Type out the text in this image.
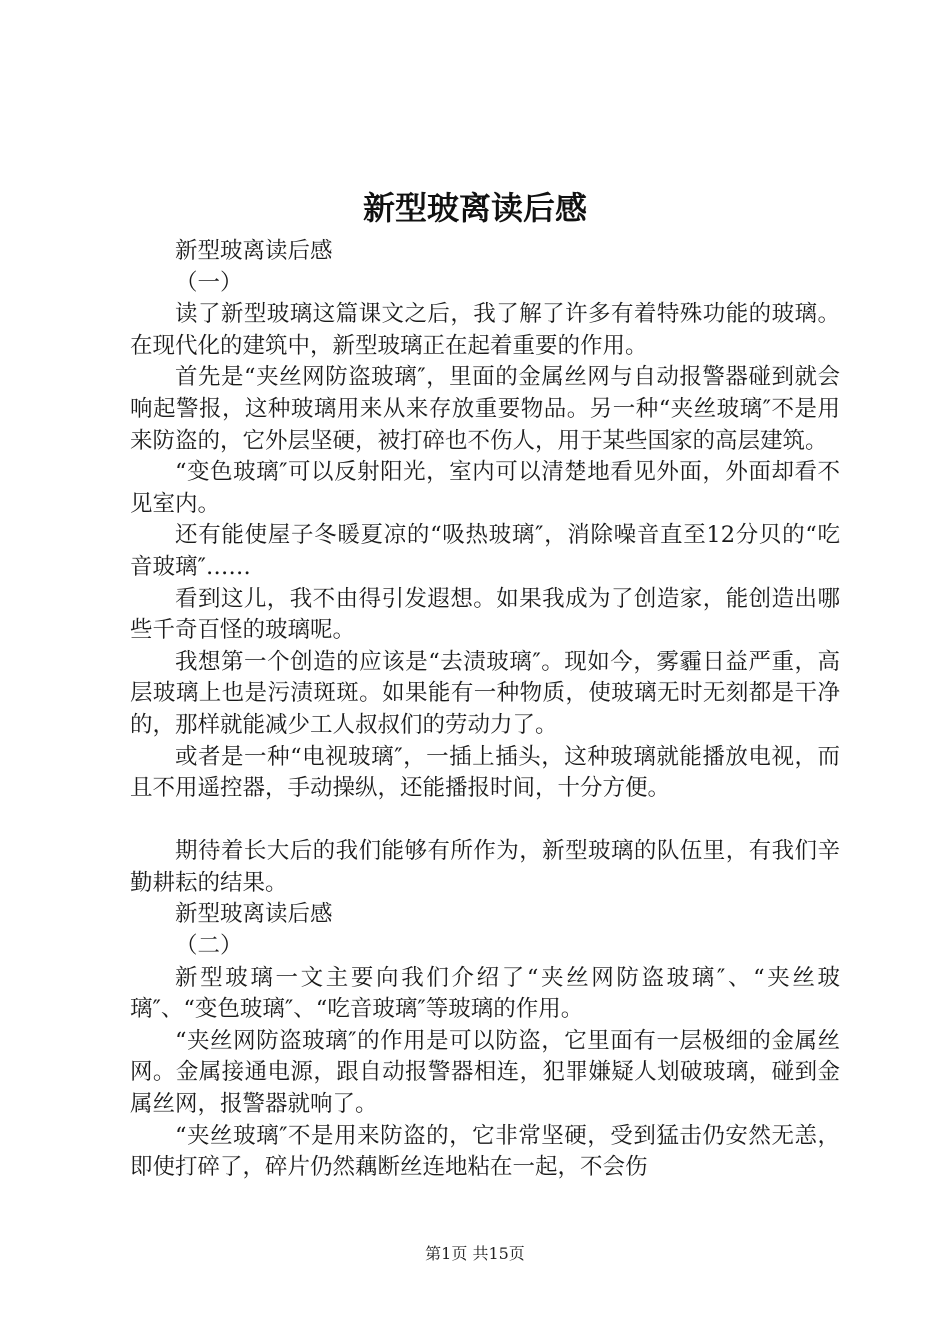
新型玻离读后感

新型玻离读后感

（一）

读了新型玻璃这篇课文之后，我了解了许多有着特殊功能的玻璃。在现代化的建筑中，新型玻璃正在起着重要的作用。

首先是“夹丝网防盗玻璃″，里面的金属丝网与自动报警器碰到就会响起警报，这种玻璃用来从来存放重要物品。另一种“夹丝玻璃″不是用来防盗的，它外层坚硬，被打碎也不伤人，用于某些国家的高层建筑。

“变色玻璃″可以反射阳光，室内可以清楚地看见外面，外面却看不见室内。

还有能使屋子冬暖夏凉的“吸热玻璃″，消除噪音直至12分贝的“吃音玻璃″……

看到这儿，我不由得引发遐想。如果我成为了创造家，能创造出哪些千奇百怪的玻璃呢。

我想第一个创造的应该是“去渍玻璃″。现如今，雾霾日益严重，高层玻璃上也是污渍斑斑。如果能有一种物质，使玻璃无时无刻都是干净的，那样就能减少工人叔叔们的劳动力了。

或者是一种“电视玻璃″，一插上插头，这种玻璃就能播放电视，而且不用遥控器，手动操纵，还能播报时间，十分方便。

期待着长大后的我们能够有所作为，新型玻璃的队伍里，有我们辛勤耕耘的结果。

新型玻离读后感

（二）

新型玻璃一文主要向我们介绍了“夹丝网防盗玻璃″、“夹丝玻璃″、“变色玻璃″、“吃音玻璃″等玻璃的作用。

“夹丝网防盗玻璃″的作用是可以防盗，它里面有一层极细的金属丝网。金属接通电源，跟自动报警器相连，犯罪嫌疑人划破玻璃，碰到金属丝网，报警器就响了。

“夹丝玻璃″不是用来防盗的，它非常坚硬，受到猛击仍安然无恙，即使打碎了，碎片仍然藕断丝连地粘在一起，不会伤

第1页 共15页
